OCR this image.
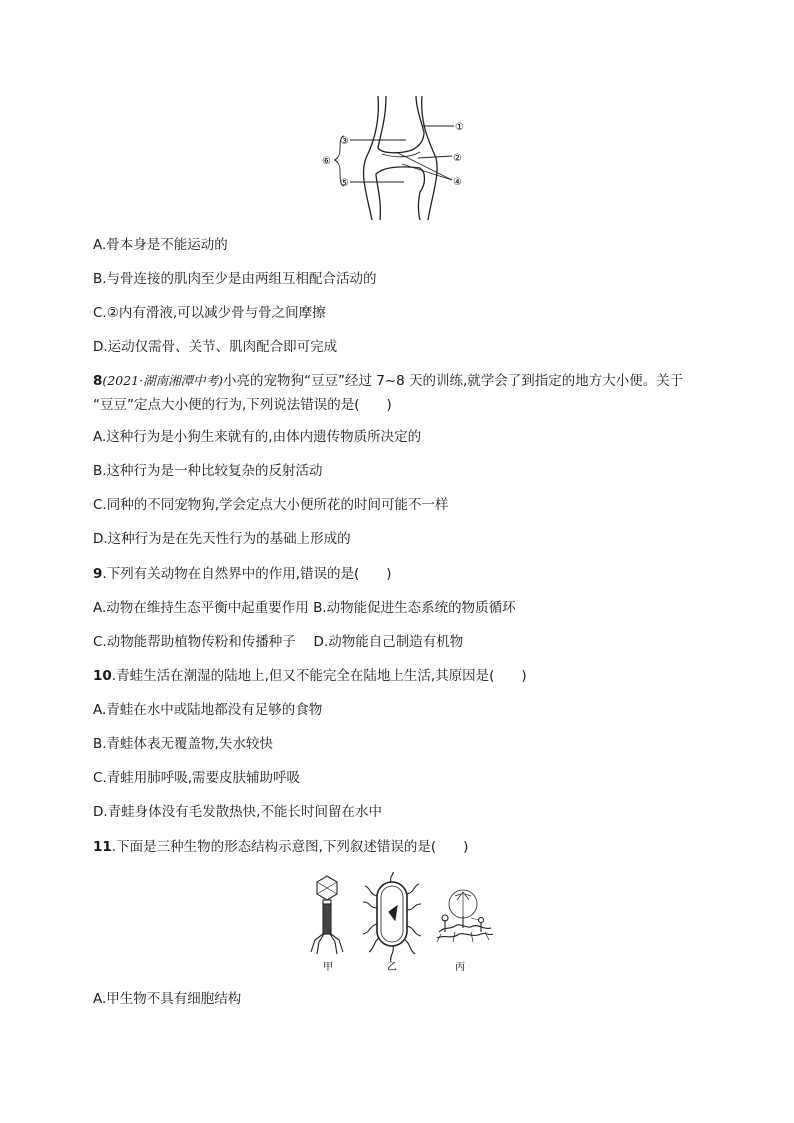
①
②
③
④
⑤
⑥
A.骨本身是不能运动的
B.与骨连接的肌肉至少是由两组互相配合活动的
C.②内有滑液,可以减少骨与骨之间摩擦
D.运动仅需骨、关节、肌肉配合即可完成
8(2021·湖南湘潭中考)小亮的宠物狗“豆豆”经过 7~8 天的训练,就学会了到指定的地方大小便。关于
“豆豆”定点大小便的行为,下列说法错误的是(　　)
A.这种行为是小狗生来就有的,由体内遗传物质所决定的
B.这种行为是一种比较复杂的反射活动
C.同种的不同宠物狗,学会定点大小便所花的时间可能不一样
D.这种行为是在先天性行为的基础上形成的
9.下列有关动物在自然界中的作用,错误的是(　　)
A.动物在维持生态平衡中起重要作用 B.动物能促进生态系统的物质循环
C.动物能帮助植物传粉和传播种子　 D.动物能自己制造有机物
10.青蛙生活在潮湿的陆地上,但又不能完全在陆地上生活,其原因是(　　)
A.青蛙在水中或陆地都没有足够的食物
B.青蛙体表无覆盖物,失水较快
C.青蛙用肺呼吸,需要皮肤辅助呼吸
D.青蛙身体没有毛发散热快,不能长时间留在水中
11.下面是三种生物的形态结构示意图,下列叙述错误的是(　　)
甲	乙	丙
A.甲生物不具有细胞结构
